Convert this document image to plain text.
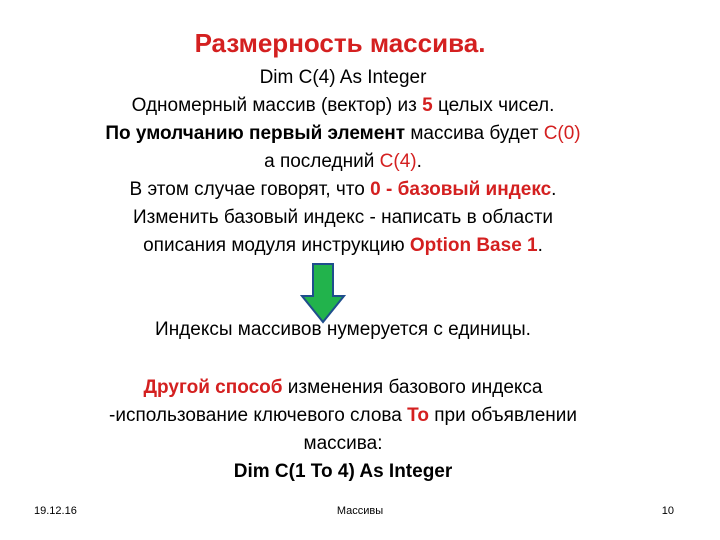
Размерность массива.
Dim C(4) As Integer
Одномерный массив (вектор) из 5 целых чисел.
По умолчанию первый элемент массива будет C(0)
а последний C(4).
В этом случае говорят, что 0 - базовый индекс.
Изменить базовый индекс - написать в области
описания модуля инструкцию Option Base 1.
Индексы массивов нумеруется с единицы.
Другой способ изменения базового индекса
-использование ключевого слова To при объявлении
массива:
Dim C(1 To 4) As Integer
19.12.16	Массивы	10
